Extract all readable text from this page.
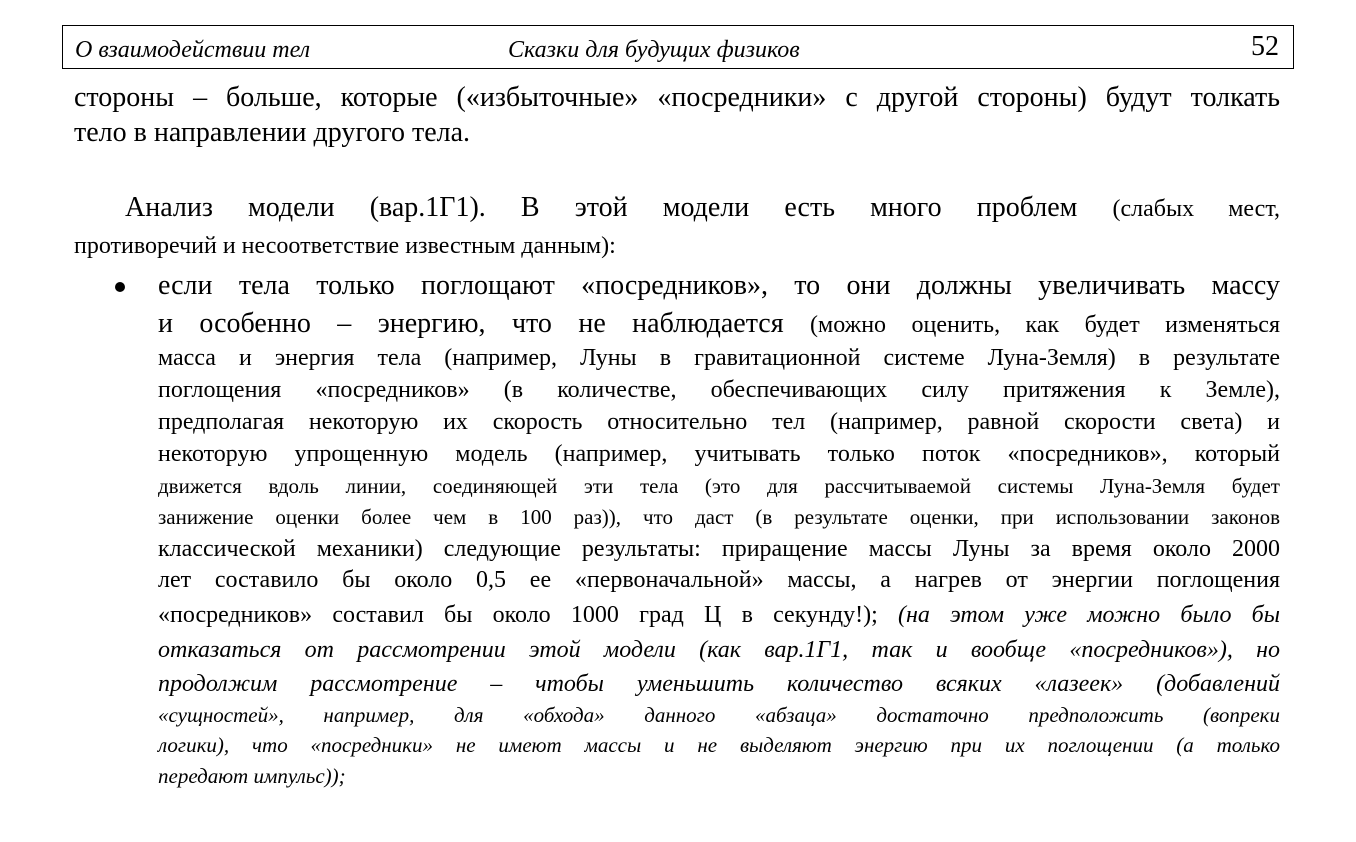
О взаимодействии тел	Сказки для будущих физиков	52
стороны – больше, которые («избыточные» «посредники» с другой стороны) будут толкать
тело в направлении другого тела.
Анализ модели (вар.1Г1). В этой модели есть много проблем (слабых мест,
противоречий и несоответствие известным данным):
если тела только поглощают «посредников», то они должны увеличивать массу
и особенно – энергию, что не наблюдается (можно оценить, как будет изменяться
масса и энергия тела (например, Луны в гравитационной системе Луна-Земля) в результате
поглощения «посредников» (в количестве, обеспечивающих силу притяжения к Земле),
предполагая некоторую их скорость относительно тел (например, равной скорости света) и
некоторую упрощенную модель (например, учитывать только поток «посредников», который
движется вдоль линии, соединяющей эти тела (это для рассчитываемой системы Луна-Земля будет
занижение оценки более чем в 100 раз)), что даст (в результате оценки, при использовании законов
классической механики) следующие результаты: приращение массы Луны за время около 2000
лет составило бы около 0,5 ее «первоначальной» массы, а нагрев от энергии поглощения
«посредников» составил бы около 1000 град Ц в секунду!); (на этом уже можно было бы
отказаться от рассмотрении этой модели (как вар.1Г1, так и вообще «посредников»), но
продолжим рассмотрение – чтобы уменьшить количество всяких «лазеек» (добавлений
«сущностей», например, для «обхода» данного «абзаца» достаточно предположить (вопреки
логики), что «посредники» не имеют массы и не выделяют энергию при их поглощении (а только
передают импульс));
